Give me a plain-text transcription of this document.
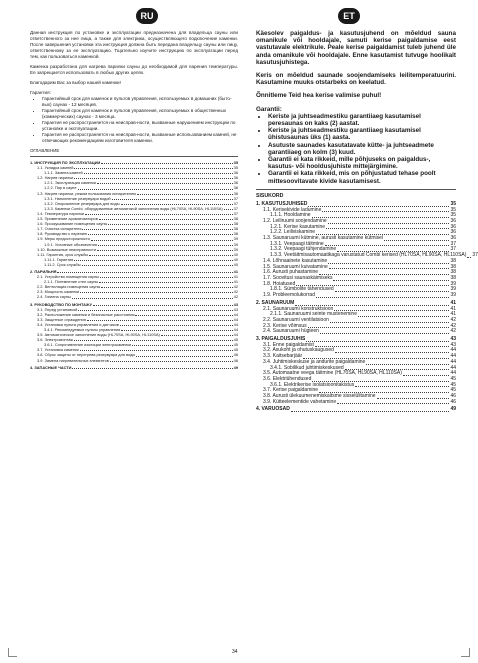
RU	ET

Данная инструкция по установке и эксплуатации предназначена для владельца сауны или ответственного за нее лица, а также для электрика, осуществляющего подключение каменки. После завершения установки эта инструкция должна быть передана владельцу сауны или лицу, ответственному за ее эксплуатацию. Тщательно изучите инструкцию по эксплуатации перед тем, как пользоваться каменкой.

Каменка разработана для нагрева парилки сауны до необходимой для парения температуры. Ее запрещается использовать в любых других целях.

Благодарим Вас за выбор нашей каменки!

Гарантия:
• Гарантийный срок для каменок и пультов управления, используемых в домашних (быто-вых) саунах - 12 месяцев.
• Гарантийный срок для каменок и пультов управления, используемых в общественных (коммерческих) саунах - 3 месяца.
• Гарантия не распространяется на неисправ-ности, вызванные нарушением инструкции по установке и эксплуатации.
• Гарантия не распространяется на неисправ-ности, вызванные использованием камней, не отвечающих рекомендациям изготовителя каменки.
ОГЛАВЛЕНИЕ
1. ИНСТРУКЦИЯ ПО ЭКСПЛУАТАЦИИ	35
1.1. Укладка камней	35
1.1.1. Замена камней	36
1.2. Нагрев парилки	36
1.2.1. Эксплуатация каменки	36
1.2.2. Пар в сауне	36
1.3. Нагрев парилки, режим пользования испарителем	36
1.3.1. Наполнение резервуара водой	37
1.3.2. Опорожнение резервуара для воды	37
1.3.3. Каменки Combi, оборудованные автоматикой заполнения воды (HL70SA, HL90SA, HL110SA)	37
1.4. Температура парилки	37
1.5. Применение ароматизаторов	38
1.6. Проскушивание помещения сауны	38
1.7. Очистка испарителя	38
1.8. Руководство к парению	38
1.9. Меры предосторожности	39
1.9.1. Условные обозначения	39
1.10. Возможные неисправности	39
1.11. Гарантия, срок службы	40
1.11.1. Гарантия	40
1.11.2. Срок службы	40
2. ПАРИЛЬНЯ	41
2.1. Устройство помещения сауны	41
2.1.1. Потемнение стен сауны	41
2.2. Вентиляция помещения сауны	42
2.3. Мощность каменки	42
2.4. Гигиена сауны	42
3. РУКОВОДСТВО ПО МОНТАЖУ	43
3.1. Перед установкой	43
3.2. Расположение каменки и безопасные расстояния	44
3.3. Защитные ограждения	44
3.4. Установка пульта управления и датчиков	44
3.4.1. Рекомендуемые пульты управления	44
3.5. Автоматическое заполнение воды (HL70SA, HL90SA, HL110SA)	44
3.6. Электромонтаж	45
3.6.1. Сопротивление изоляции электрокаменки	45
3.7. Установка каменки	45
3.8. Сброс защиты от перегрева резервуара для воды	46
3.9. Замена нагревательных элементов	46
4. ЗАПАСНЫЕ ЧАСТИ	49

Käesolev paigaldus- ja kasutusjuhend on mõeldud sauna omanikule või hooldajale, samuti kerise paigaldamise eest vastutavale elektrikule. Peale kerise paigaldamist tuleb juhend üle anda omanikule või hooldajale. Enne kasutamist tutvuge hoolikalt kasutusjuhistega.

Keris on mõeldud saunade soojendamiseks leilitemperatuurini. Kasutamine muuks otstarbeks on keelatud.

Õnnitleme Teid hea kerise valimise puhul!

Garantii:
• Keriste ja juhtseadmestiku garantiiaeg kasutamisel peresaunas on kaks (2) aastat.
• Keriste ja juhtseadmestiku garantiiaeg kasutamisel ühistusaunas üks (1) aasta.
• Asutuste saunades kasutatavate kütte- ja juhtseadmete garantiiaeg on kolm (3) kuud.
• Garantii ei kata rikkeid, mille põhjuseks on paigaldus-, kasutus- või hooldusjuhiste mittejärgimine.
• Garantii ei kata rikkeid, mis on põhjustatud tehase poolt mittesoovitavate kivide kasutamisest.
SISUKORD
1. KASUTUSJUHISED	35
1.1. Kerisekivide ladumine	35
1.1.1. Hooldamine	35
1.2. Leiliruumi soojendamine	36
1.2.1. Kerise kasutamine	36
1.2.2. Leiliviskamine	36
1.3. Saunaruumi kütmine, aurusti kasutamine kütmisel	36
1.3.1. Veepaagi täitmine	37
1.3.2. Veepaagi tühjendamine	37
1.3.3. Veetäitmisautomaatikaga varustatud Combi kerised (HL70SA, HL90SA, HL110SA) 37
1.4. Lõhnaainete kasutamine	38
1.5. Saunaruumi kuivatamine	38
1.6. Aurusti puhastamine	38
1.7. Soovitusi saunaskäimiseks	38
1.8. Hoiatused	39
1.8.1. Sümbolite tähendused	39
1.9. Probleemolukorrad	39
2. SAUNARUUM	41
2.1. Saunaruumi konstruktsioon	41
2.1.1. Saunaruumi seinte mustenemine	41
2.2. Saunaruumi ventilatsioon	42
2.3. Kerise võimsus	42
2.4. Saunaruumi hügieen	42
3. PAIGALDUSJUHIS	43
3.1. Enne paigaldamist	43
3.2. Asukoht ja ohutuskaugused	44
3.3. Kaitsebarjäär	44
3.4. Juhtimiskeskuse ja andurite paigaldamine	44
3.4.1. Sobilikud juhtimiskeskused	44
3.5. Automaatne veega täitmine (HL70SA, HL90SA, HL110SA)	44
3.6. Elektriühendused	45
3.6.1. Elektrikerise isolatsioonitakistus	45
3.7. Kerise paigaldamine	45
3.8. Aurusti ülekuumenemiskaitsme sisselülitamine	46
3.9. Kütteelementide vahetamine	46
4. VARUOSAD	49
34
